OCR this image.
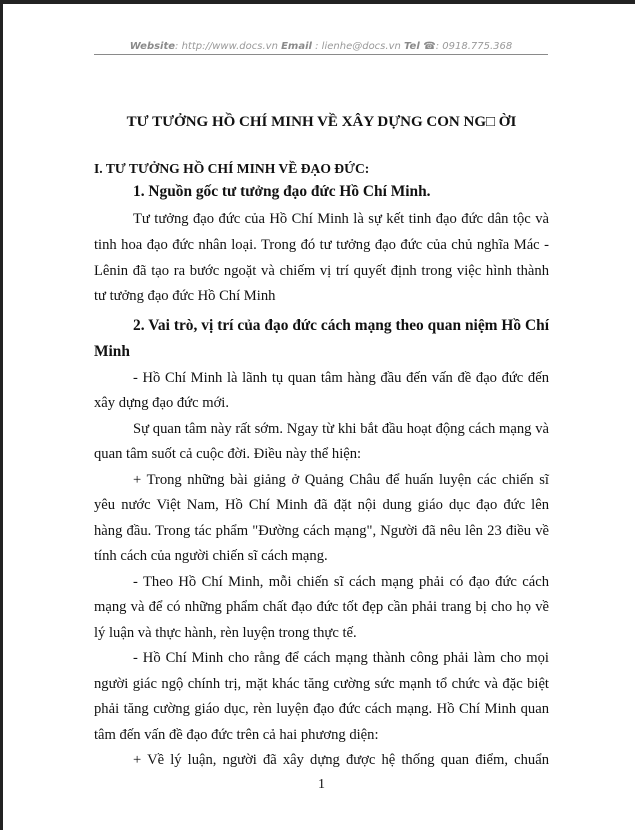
Website: http://www.docs.vn Email : lienhe@docs.vn Tel ☎: 0918.775.368
TƯ TƯỞNG HỒ CHÍ MINH VỀ XÂY DỰNG CON NG□ ỜI
I. TƯ TƯỞNG HỒ CHÍ MINH VỀ ĐẠO ĐỨC:
1. Nguồn gốc tư tưởng đạo đức Hồ Chí Minh.
Tư tưởng đạo đức của Hồ Chí Minh là sự kết tinh đạo đức dân tộc và
tinh hoa đạo đức nhân loại. Trong đó tư tưởng đạo đức của chủ nghĩa Mác -
Lênin đã tạo ra bước ngoặt và chiếm vị trí quyết định trong việc hình thành
tư tưởng đạo đức Hồ Chí Minh
2. Vai trò, vị trí của đạo đức cách mạng theo quan niệm Hồ Chí
Minh
- Hồ Chí Minh là lãnh tụ quan tâm hàng đầu đến vấn đề đạo đức đến
xây dựng đạo đức mới.
Sự quan tâm này rất sớm. Ngay từ khi bắt đầu hoạt động cách mạng và
quan tâm suốt cả cuộc đời. Điều này thể hiện:
+ Trong những bài giảng ở Quảng Châu để huấn luyện các chiến sĩ
yêu nước Việt Nam, Hồ Chí Minh đã đặt nội dung giáo dục đạo đức lên
hàng đầu. Trong tác phẩm "Đường cách mạng", Người đã nêu lên 23 điều về
tính cách của người chiến sĩ cách mạng.
- Theo Hồ Chí Minh, mỗi chiến sĩ cách mạng phải có đạo đức cách
mạng và để có những phẩm chất đạo đức tốt đẹp cần phải trang bị cho họ về
lý luận và thực hành, rèn luyện trong thực tế.
- Hồ Chí Minh cho rằng để cách mạng thành công phải làm cho mọi
người giác ngộ chính trị, mặt khác tăng cường sức mạnh tổ chức và đặc biệt
phải tăng cường giáo dục, rèn luyện đạo đức cách mạng. Hồ Chí Minh quan
tâm đến vấn đề đạo đức trên cả hai phương diện:
+ Về lý luận, người đã xây dựng được hệ thống quan điểm, chuẩn
1
